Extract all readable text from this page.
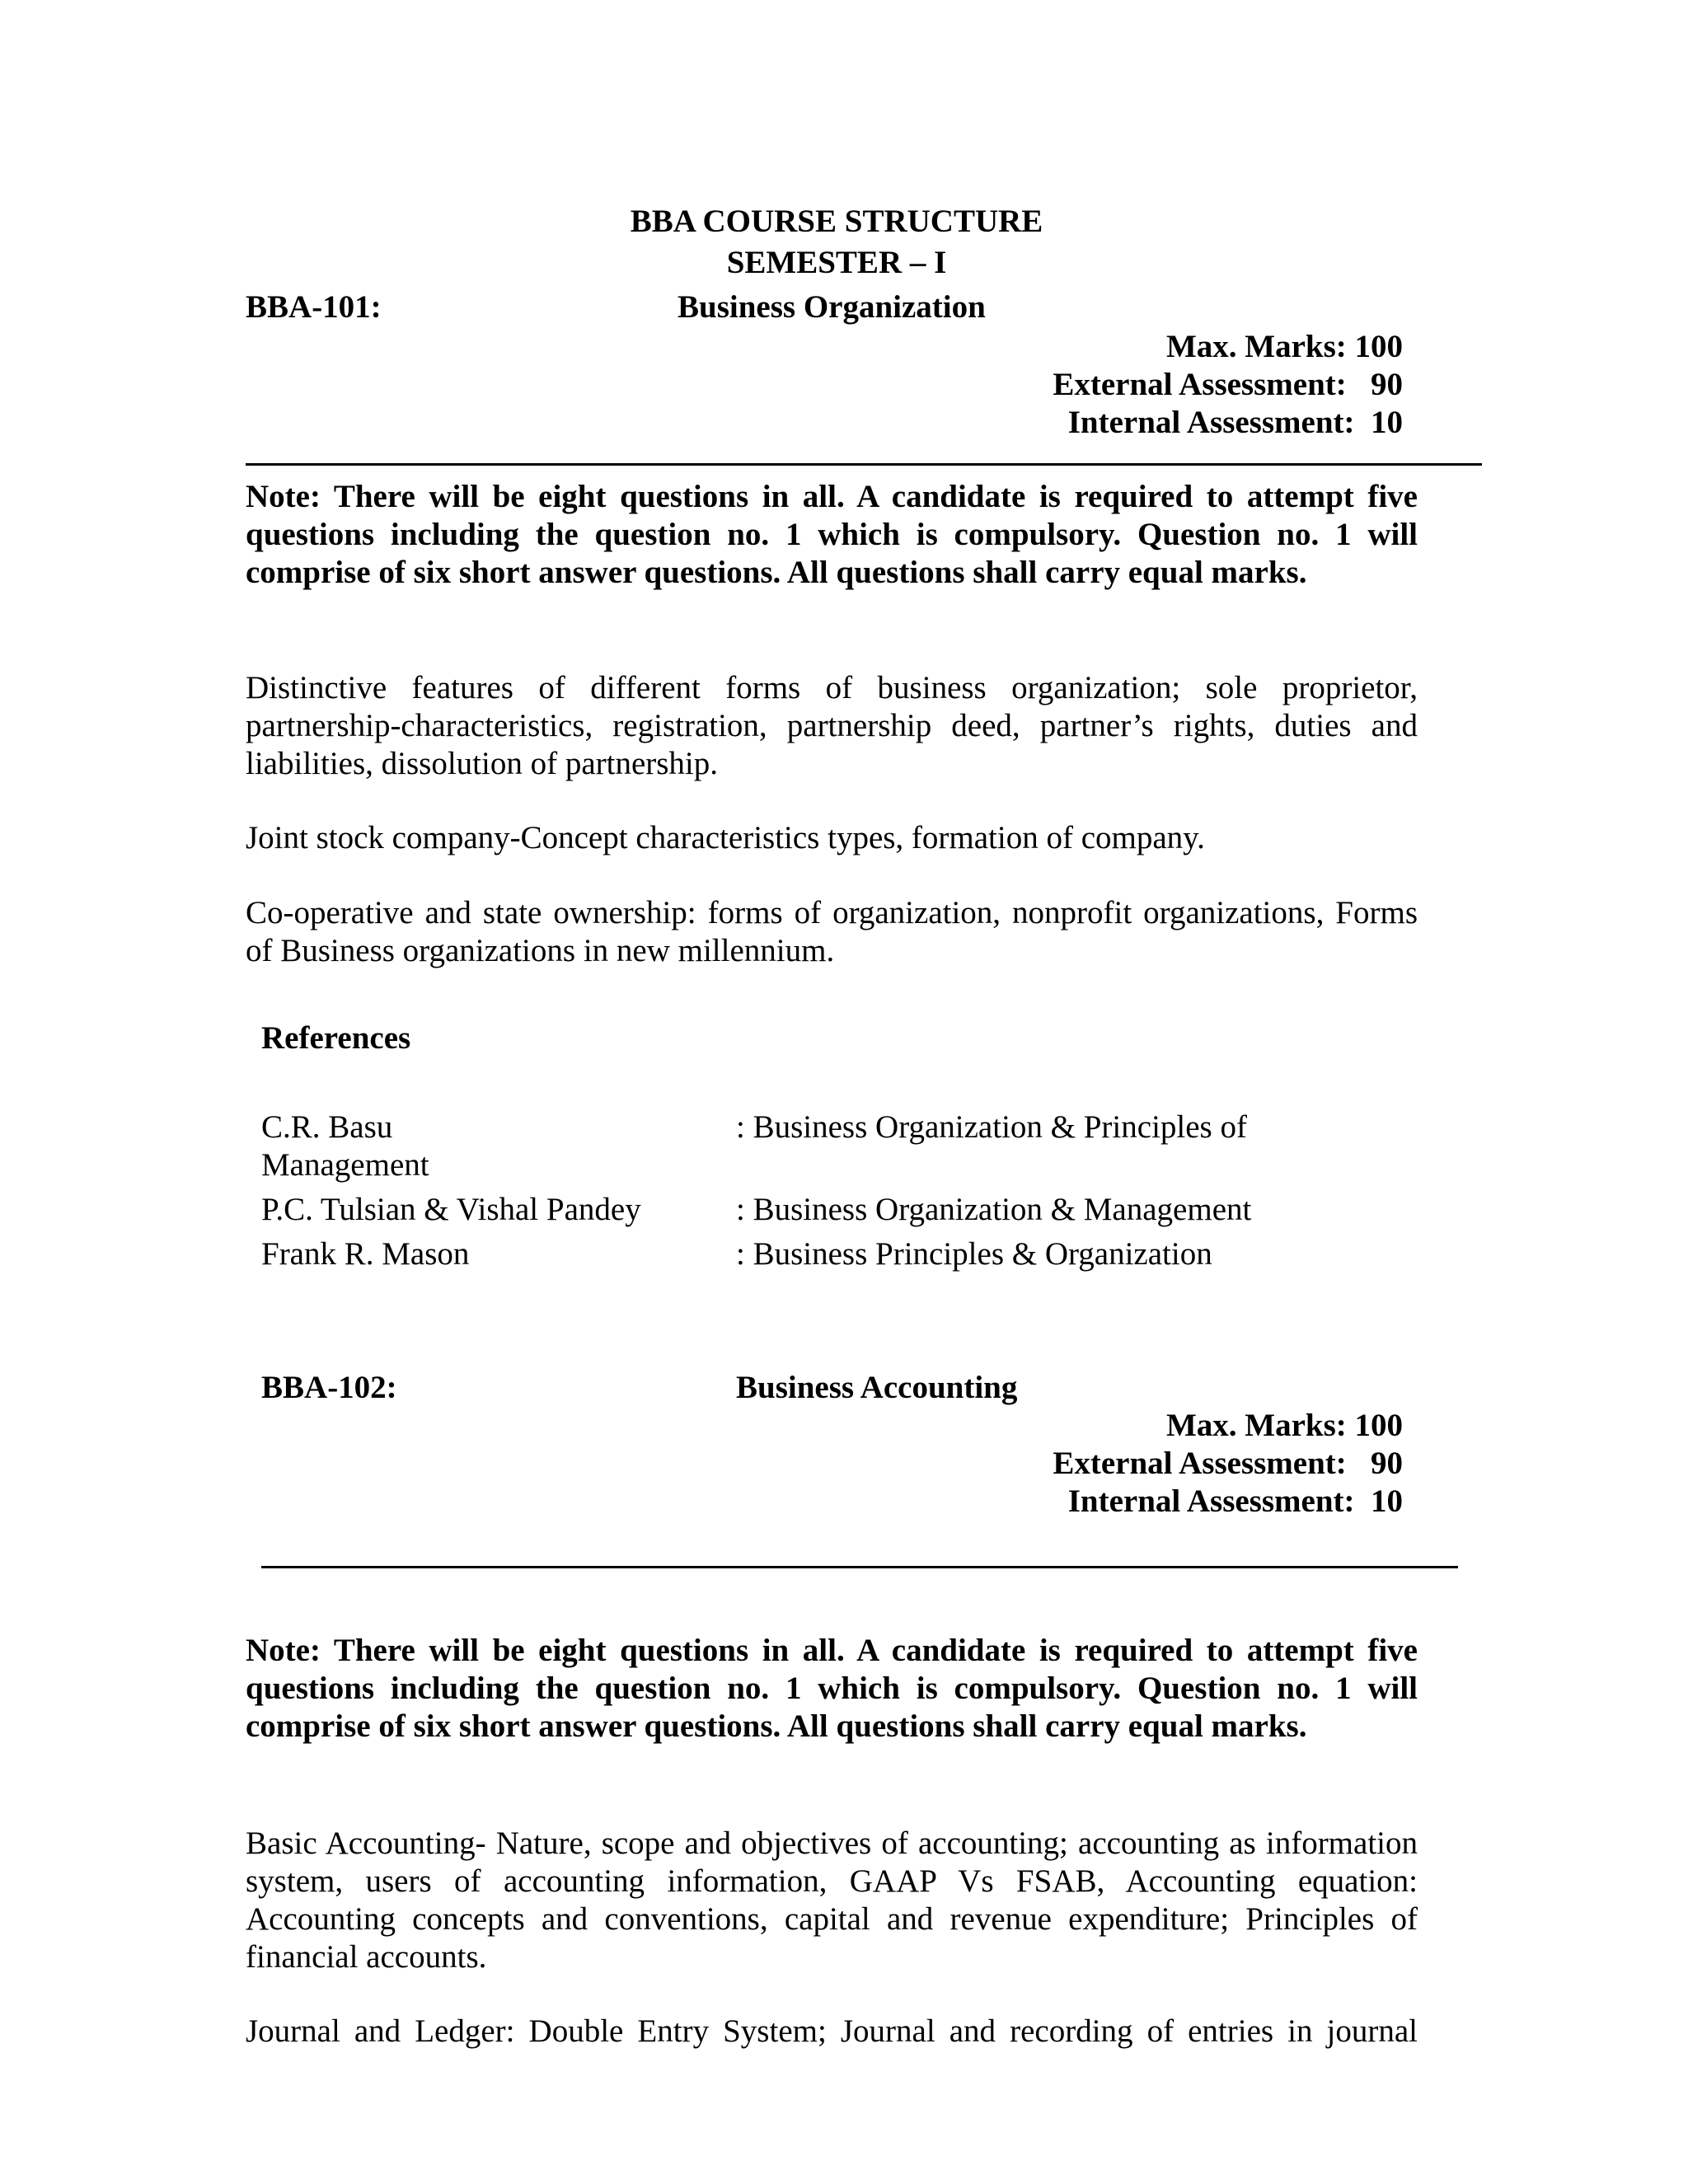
BBA COURSE STRUCTURE
SEMESTER – I
BBA-101:	Business Organization
Max. Marks: 100
External Assessment:   90
Internal Assessment:  10
Note: There will be eight questions in all. A candidate is required to attempt five questions including the question no. 1 which is compulsory. Question no. 1 will comprise of six short answer questions. All questions shall carry equal marks.
Distinctive features of different forms of business organization; sole proprietor, partnership-characteristics, registration, partnership deed, partner’s rights, duties and liabilities, dissolution of partnership.
Joint stock company-Concept characteristics types, formation of company.
Co-operative and state ownership: forms of organization, nonprofit organizations, Forms of Business organizations in new millennium.
References
C.R. Basu	: Business Organization & Principles of
Management
P.C. Tulsian & Vishal Pandey	: Business Organization & Management
Frank R. Mason	: Business Principles & Organization
BBA-102:	Business Accounting
Max. Marks: 100
External Assessment:   90
Internal Assessment:  10
Note: There will be eight questions in all. A candidate is required to attempt five questions including the question no. 1 which is compulsory. Question no. 1 will comprise of six short answer questions. All questions shall carry equal marks.
Basic Accounting- Nature, scope and objectives of accounting; accounting as information system, users of accounting information, GAAP Vs FSAB, Accounting equation: Accounting concepts and conventions, capital and revenue expenditure; Principles of financial accounts.
Journal and Ledger: Double Entry System; Journal and recording of entries in journal
